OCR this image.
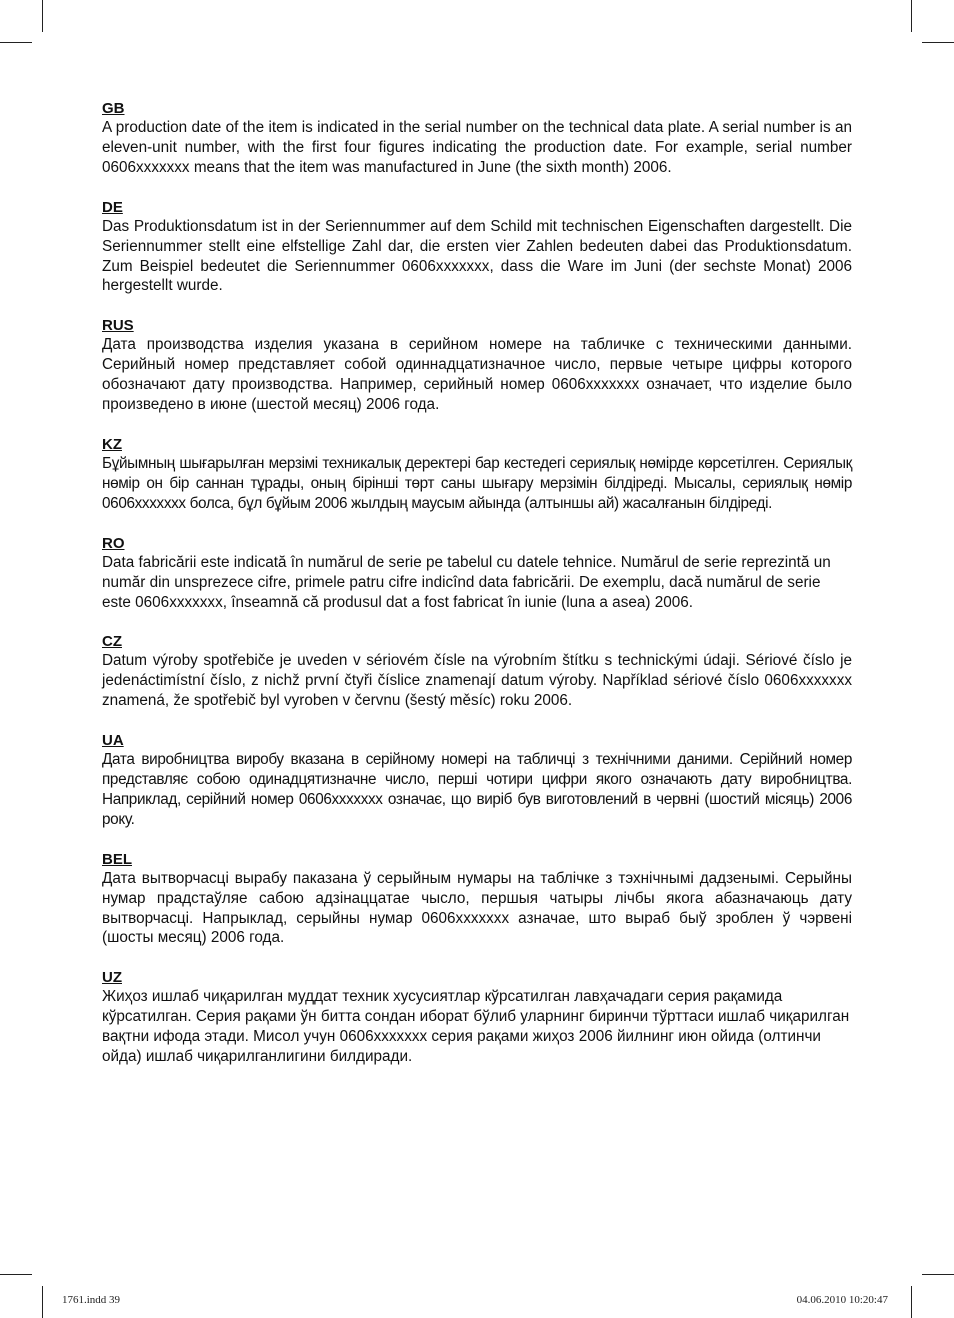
GB

A production date of the item is indicated in the serial number on the technical data plate. A serial number is an eleven-unit number, with the first four figures indicating the production date. For example, serial number 0606xxxxxxx means that the item was manufactured in June (the sixth month) 2006.

DE

Das Produktionsdatum ist in der Seriennummer auf dem Schild mit technischen Eigenschaften dargestellt. Die Seriennummer stellt eine elfstellige Zahl dar, die ersten vier Zahlen bedeuten dabei das Produktionsdatum. Zum Beispiel bedeutet die Seriennummer 0606xxxxxxx, dass die Ware im Juni (der sechste Monat) 2006 hergestellt wurde.

RUS

Дата производства изделия указана в серийном номере на табличке с техническими данными. Серийный номер представляет собой одиннадцатизначное число, первые четыре цифры которого обозначают дату производства. Например, серийный номер 0606xxxxxxx означает, что изделие было произведено в июне (шестой месяц) 2006 года.

KZ

Бұйымның шығарылған мерзімі техникалық деректері бар кестедегі сериялық нөмірде көрсетілген. Сериялық нөмір он бір саннан тұрады, оның бірінші төрт саны шығару мерзімін білдіреді. Мысалы, сериялық нөмір 0606xxxxxxx болса, бұл бұйым 2006 жылдың маусым айында (алтыншы ай) жасалғанын білдіреді.

RO

Data fabricării este indicată în numărul de serie pe tabelul cu datele tehnice. Numărul de serie reprezintă un număr din unsprezece cifre, primele patru cifre indicînd data fabricării. De exemplu, dacă numărul de serie este 0606xxxxxxx, înseamnă că produsul dat a fost fabricat în iunie (luna a asea) 2006.

CZ

Datum výroby spotřebiče je uveden v sériovém čísle na výrobním štítku s technickými údaji. Sériové číslo je jedenáctimístní číslo, z nichž první čtyři číslice znamenají datum výroby. Například sériové číslo 0606xxxxxxx znamená, že spotřebič byl vyroben v červnu (šestý měsíc) roku 2006.

UA

Дата виробництва виробу вказана в серійному номері на табличці з технічними даними. Серійний номер представляє собою одинадцятизначне число, перші чотири цифри якого означають дату виробництва. Наприклад, серійний номер 0606xxxxxxx означає, що виріб був виготовлений в червні (шостий місяць) 2006 року.

BEL

Дата вытворчасці вырабу паказана ў серыйным нумары на таблічке з тэхнічнымі дадзенымі. Серыйны нумар прадстаўляе сабою адзінаццатае чысло, першыя чатыры лічбы якога абазначаюць дату вытворчасці. Напрыклад, серыйны нумар 0606xxxxxxx азначае, што выраб быў зроблен ў чэрвені (шосты месяц) 2006 года.

UZ

Жиҳоз ишлаб чиқарилган муддат техник хусусиятлар кўрсатилган лавҳачадаги серия рақамида кўрсатилган. Серия рақами ўн битта сондан иборат бўлиб уларнинг биринчи тўрттаси ишлаб чиқарилган вақтни ифода этади. Мисол учун 0606xxxxxxx серия рақами жиҳоз 2006 йилнинг июн ойида (олтинчи ойда) ишлаб чиқарилганлигини билдиради.

1761.indd 39	04.06.2010 10:20:47
